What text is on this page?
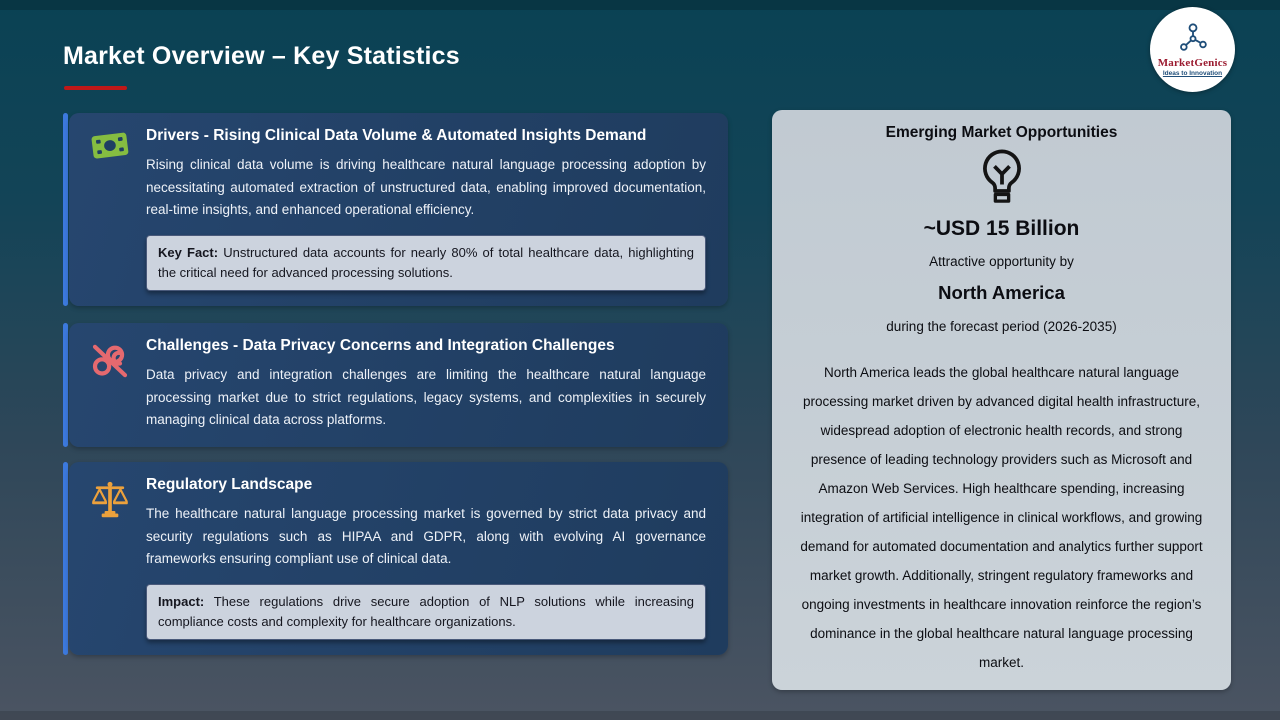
Market Overview – Key Statistics	MarketGenics
Ideas to Innovation
Drivers - Rising Clinical Data Volume & Automated Insights Demand
Rising clinical data volume is driving healthcare natural language processing adoption by necessitating automated extraction of unstructured data, enabling improved documentation, real-time insights, and enhanced operational efficiency.
Key Fact: Unstructured data accounts for nearly 80% of total healthcare data, highlighting the critical need for advanced processing solutions.
Challenges - Data Privacy Concerns and Integration Challenges
Data privacy and integration challenges are limiting the healthcare natural language processing market due to strict regulations, legacy systems, and complexities in securely managing clinical data across platforms.
Regulatory Landscape
The healthcare natural language processing market is governed by strict data privacy and security regulations such as HIPAA and GDPR, along with evolving AI governance frameworks ensuring compliant use of clinical data.
Impact: These regulations drive secure adoption of NLP solutions while increasing compliance costs and complexity for healthcare organizations.
Emerging Market Opportunities
~USD 15 Billion
Attractive opportunity by
North America
during the forecast period (2026-2035)
North America leads the global healthcare natural language processing market driven by advanced digital health infrastructure, widespread adoption of electronic health records, and strong presence of leading technology providers such as Microsoft and Amazon Web Services. High healthcare spending, increasing integration of artificial intelligence in clinical workflows, and growing demand for automated documentation and analytics further support market growth. Additionally, stringent regulatory frameworks and ongoing investments in healthcare innovation reinforce the region’s dominance in the global healthcare natural language processing market.
